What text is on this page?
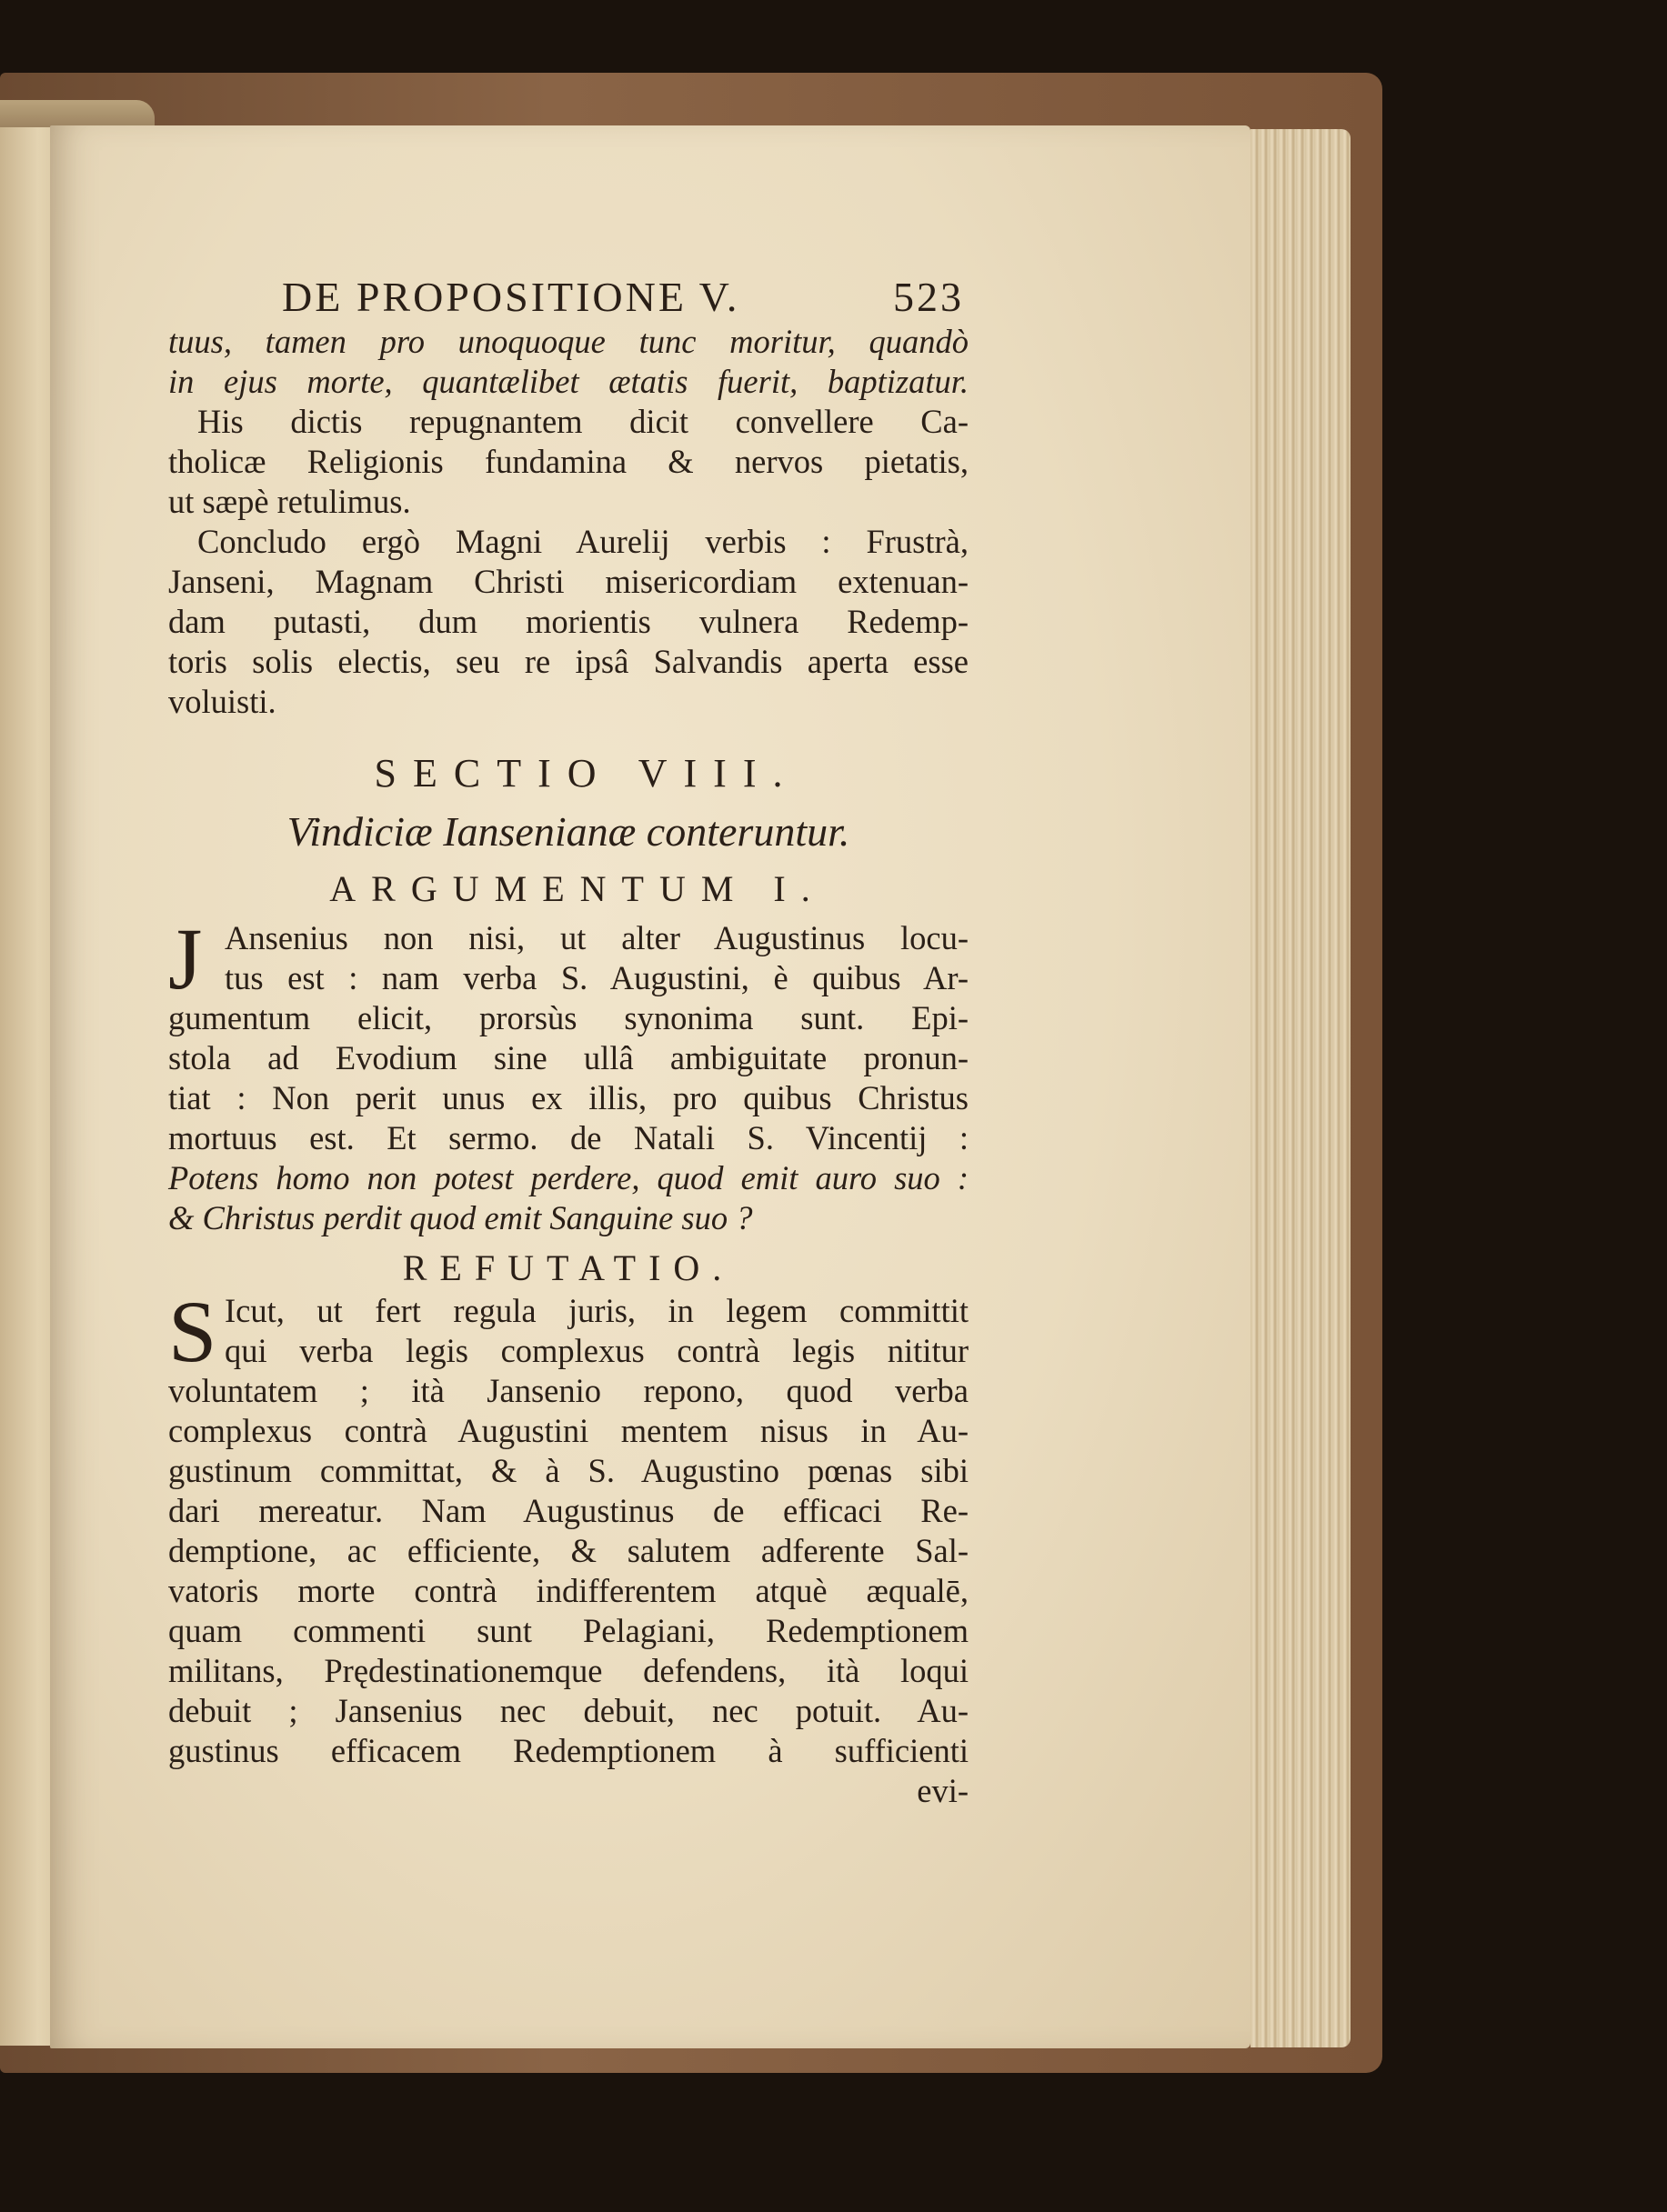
DE PROPOSITIONE V.	523
tuus, tamen pro unoquoque tunc moritur, quandò
in ejus morte, quantælibet ætatis fuerit, baptizatur.
His dictis repugnantem dicit convellere Ca-
tholicæ Religionis fundamina & nervos pietatis,
ut sæpè retulimus.
Concludo ergò Magni Aurelij verbis : Frustrà,
Janseni, Magnam Christi misericordiam extenuan-
dam putasti, dum morientis vulnera Redemp-
toris solis electis, seu re ipsâ Salvandis aperta esse
voluisti.
SECTIO VIII.
Vindiciæ Iansenianæ conteruntur.
ARGUMENTUM I.
J Ansenius non nisi, ut alter Augustinus locu-
tus est : nam verba S. Augustini, è quibus Ar-
gumentum elicit, prorsùs synonima sunt. Epi-
stola ad Evodium sine ullâ ambiguitate pronun-
tiat : Non perit unus ex illis, pro quibus Christus
mortuus est. Et sermo. de Natali S. Vincentij :
Potens homo non potest perdere, quod emit auro suo :
& Christus perdit quod emit Sanguine suo ?
REFUTATIO.
S Icut, ut fert regula juris, in legem committit
qui verba legis complexus contrà legis nititur
voluntatem ; ità Jansenio repono, quod verba
complexus contrà Augustini mentem nisus in Au-
gustinum committat, & à S. Augustino pœnas sibi
dari mereatur. Nam Augustinus de efficaci Re-
demptione, ac efficiente, & salutem adferente Sal-
vatoris morte contrà indifferentem atquè æqualē,
quam commenti sunt Pelagiani, Redemptionem
militans, Prędestinationemque defendens, ità loqui
debuit ; Jansenius nec debuit, nec potuit. Au-
gustinus efficacem Redemptionem à sufficienti
evi-
